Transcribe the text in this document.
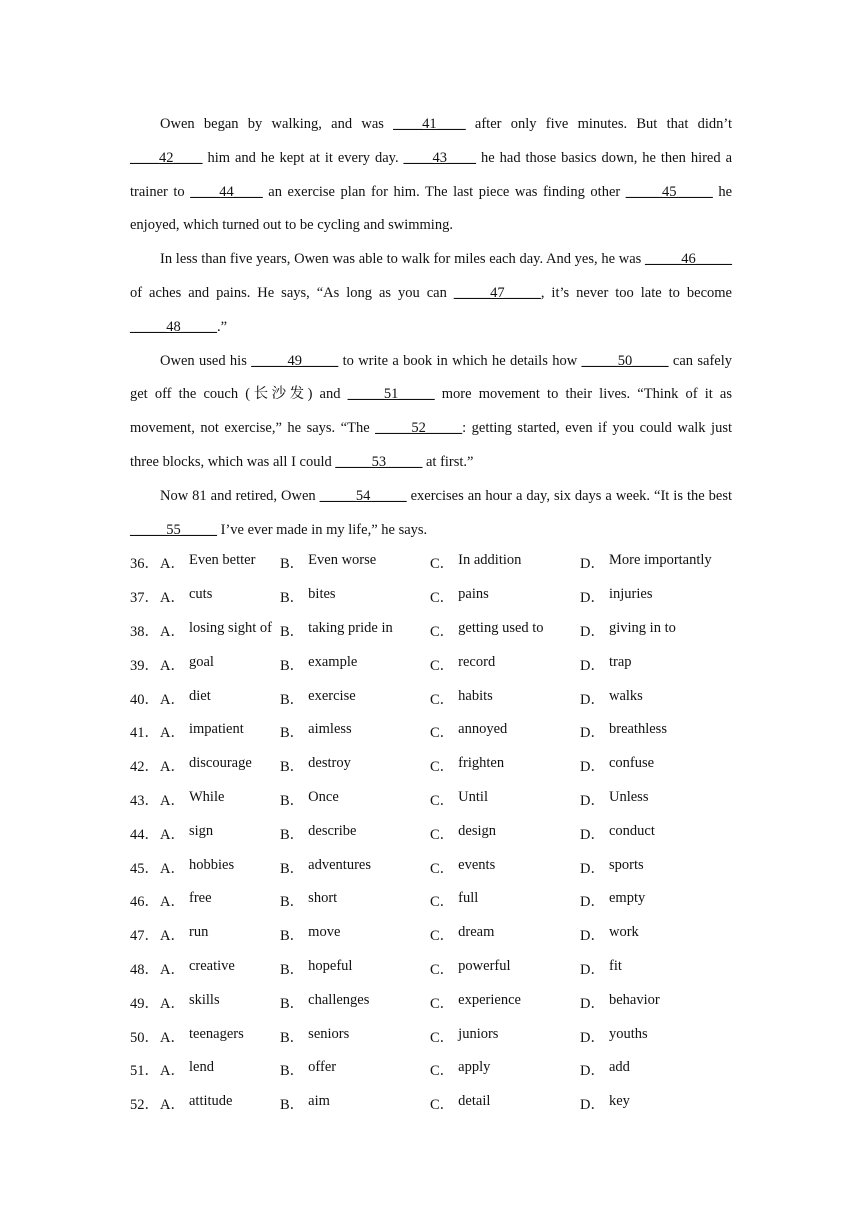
Owen began by walking, and was ____41____ after only five minutes. But that didn’t ____42____ him and he kept at it every day. ____43____ he had those basics down, he then hired a trainer to ____44____ an exercise plan for him. The last piece was finding other _____45_____ he enjoyed, which turned out to be cycling and swimming.

In less than five years, Owen was able to walk for miles each day. And yes, he was _____46_____ of aches and pains. He says, “As long as you can _____47_____, it’s never too late to become _____48_____.”

Owen used his _____49_____ to write a book in which he details how _____50_____ can safely get off the couch (长沙发) and _____51_____ more movement to their lives. “Think of it as movement, not exercise,” he says. “The _____52_____: getting started, even if you could walk just three blocks, which was all I could _____53_____ at first.”

Now 81 and retired, Owen _____54_____ exercises an hour a day, six days a week. “It is the best _____55_____ I’ve ever made in my life,” he says.

36． A． Even better B． Even worse	C． In addition	D． More importantly
37． A． cuts	B． bites	C． pains	D． injuries
38． A． losing sight of B． taking pride in	C． getting used to	D． giving in to
39． A． goal	B． example	C． record	D． trap
40． A． diet	B． exercise	C． habits	D． walks
41． A． impatient	B． aimless	C． annoyed	D． breathless
42． A． discourage B． destroy	C． frighten	D． confuse
43． A． While	B． Once	C． Until	D． Unless
44． A． sign	B． describe	C． design	D． conduct
45． A． hobbies	B． adventures	C． events	D． sports
46． A． free	B． short	C． full	D． empty
47． A． run	B． move	C． dream	D． work
48． A． creative	B． hopeful	C． powerful	D． fit
49． A． skills	B． challenges	C． experience	D． behavior
50． A． teenagers	B． seniors	C． juniors	D． youths
51． A． lend	B． offer	C． apply	D． add
52． A． attitude	B． aim	C． detail	D． key
